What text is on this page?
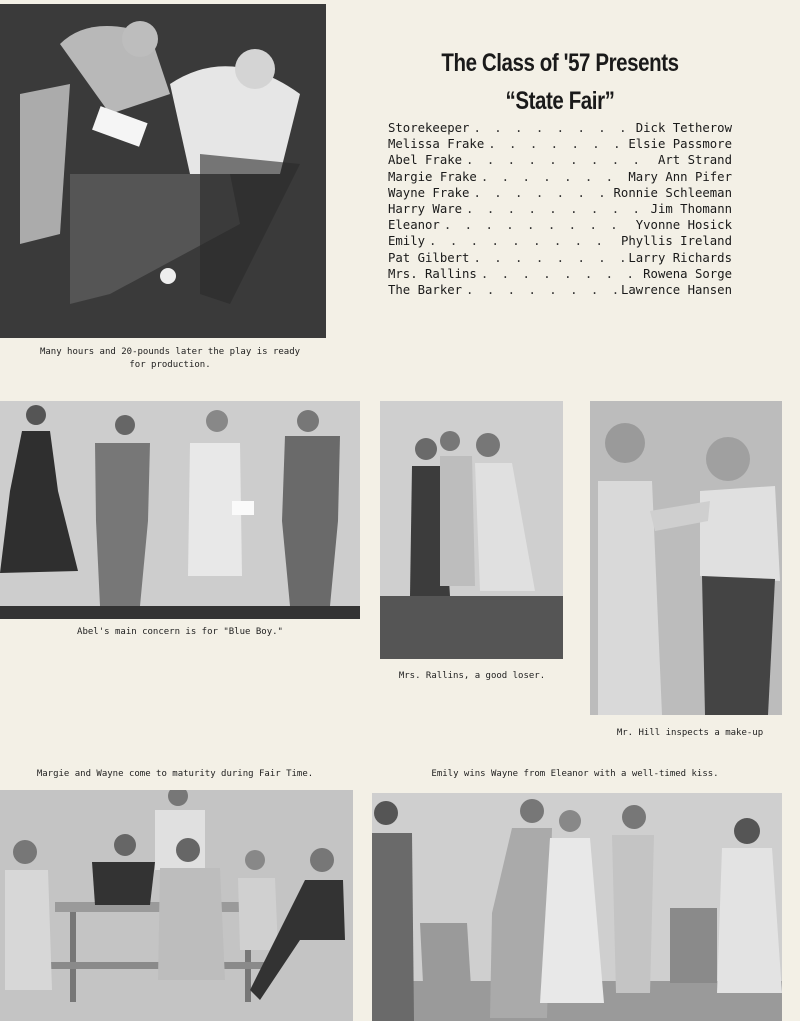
Many hours and 20-pounds later the play is ready for production.
The Class of '57 Presents
“State Fair”
Storekeeper . . .	Dick Tetherow
Melissa Frake . . .	Elsie Passmore
Abel Frake . . .	Art Strand
Margie Frake . . .	Mary Ann Pifer
Wayne Frake . . .	Ronnie Schleeman
Harry Ware . . .	Jim Thomann
Eleanor . . .	Yvonne Hosick
Emily . . .	Phyllis Ireland
Pat Gilbert . . .	Larry Richards
Mrs. Rallins . . .	Rowena Sorge
The Barker . . .	Lawrence Hansen
Abel's main concern is for "Blue Boy."
Mrs. Rallins, a good loser.
Mr. Hill inspects a make-up
Margie and Wayne come to maturity during Fair Time.	Emily wins Wayne from Eleanor with a well-timed kiss.
